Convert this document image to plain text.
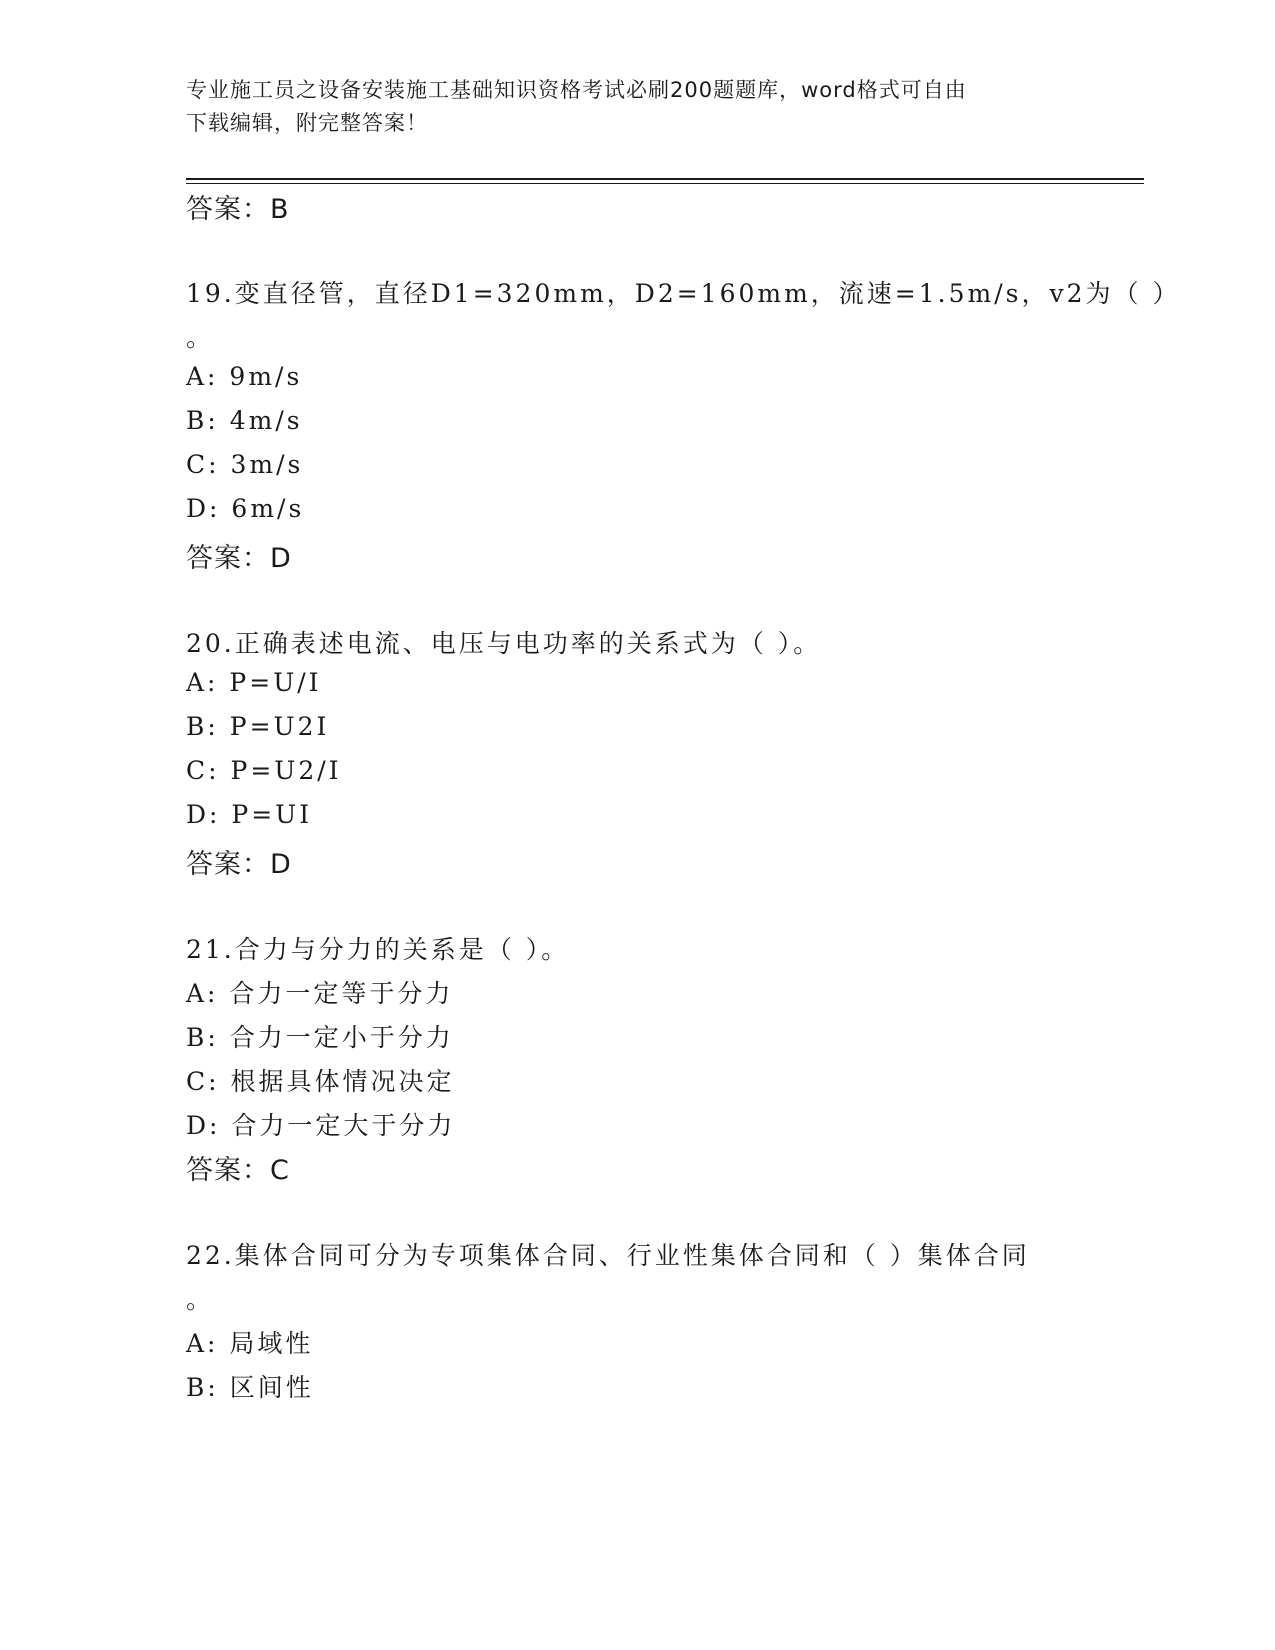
专业施工员之设备安装施工基础知识资格考试必刷200题题库，word格式可自由
下载编辑，附完整答案！
答案：B
19.变直径管，直径D1=320mm，D2=160mm，流速=1.5m/s，v2为（ ）
。
A: 9m/s
B: 4m/s
C: 3m/s
D: 6m/s
答案：D
20.正确表述电流、电压与电功率的关系式为（ ）。
A: P=U/I
B: P=U2I
C: P=U2/I
D: P=UI
答案：D
21.合力与分力的关系是（ ）。
A: 合力一定等于分力
B: 合力一定小于分力
C: 根据具体情况决定
D: 合力一定大于分力
答案：C
22.集体合同可分为专项集体合同、行业性集体合同和（ ）集体合同
。
A: 局域性
B: 区间性
